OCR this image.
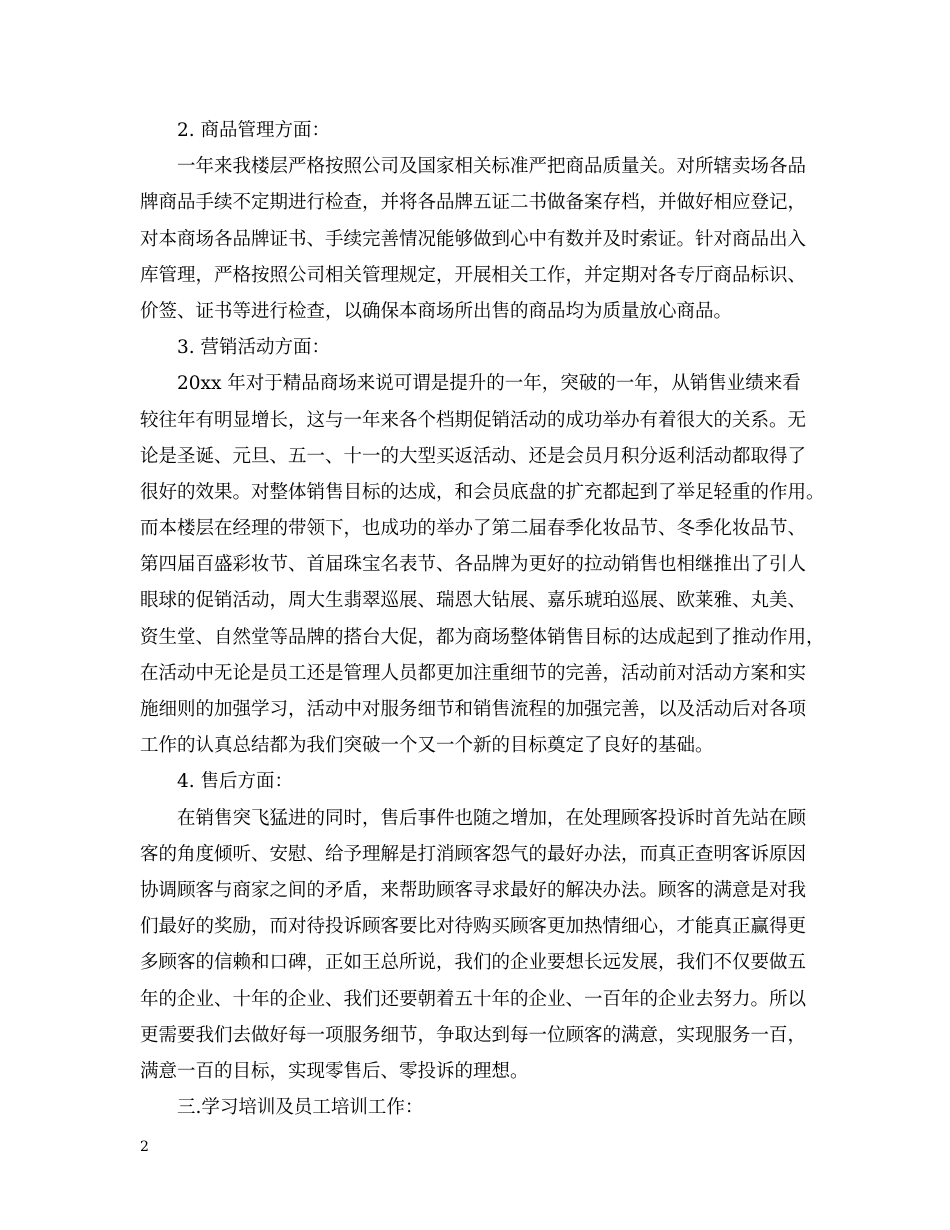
2. 商品管理方面：
一年来我楼层严格按照公司及国家相关标准严把商品质量关。对所辖卖场各品
牌商品手续不定期进行检查，并将各品牌五证二书做备案存档，并做好相应登记，
对本商场各品牌证书、手续完善情况能够做到心中有数并及时索证。针对商品出入
库管理，严格按照公司相关管理规定，开展相关工作，并定期对各专厅商品标识、
价签、证书等进行检查，以确保本商场所出售的商品均为质量放心商品。
3. 营销活动方面：
20xx 年对于精品商场来说可谓是提升的一年，突破的一年，从销售业绩来看
较往年有明显增长，这与一年来各个档期促销活动的成功举办有着很大的关系。无
论是圣诞、元旦、五一、十一的大型买返活动、还是会员月积分返利活动都取得了
很好的效果。对整体销售目标的达成，和会员底盘的扩充都起到了举足轻重的作用。
而本楼层在经理的带领下，也成功的举办了第二届春季化妆品节、冬季化妆品节、
第四届百盛彩妆节、首届珠宝名表节、各品牌为更好的拉动销售也相继推出了引人
眼球的促销活动，周大生翡翠巡展、瑞恩大钻展、嘉乐琥珀巡展、欧莱雅、丸美、
资生堂、自然堂等品牌的搭台大促，都为商场整体销售目标的达成起到了推动作用，
在活动中无论是员工还是管理人员都更加注重细节的完善，活动前对活动方案和实
施细则的加强学习，活动中对服务细节和销售流程的加强完善，以及活动后对各项
工作的认真总结都为我们突破一个又一个新的目标奠定了良好的基础。
4. 售后方面：
在销售突飞猛进的同时，售后事件也随之增加，在处理顾客投诉时首先站在顾
客的角度倾听、安慰、给予理解是打消顾客怨气的最好办法，而真正查明客诉原因
协调顾客与商家之间的矛盾，来帮助顾客寻求最好的解决办法。顾客的满意是对我
们最好的奖励，而对待投诉顾客要比对待购买顾客更加热情细心，才能真正赢得更
多顾客的信赖和口碑，正如王总所说，我们的企业要想长远发展，我们不仅要做五
年的企业、十年的企业、我们还要朝着五十年的企业、一百年的企业去努力。所以
更需要我们去做好每一项服务细节，争取达到每一位顾客的满意，实现服务一百，
满意一百的目标，实现零售后、零投诉的理想。
三.学习培训及员工培训工作：
2
